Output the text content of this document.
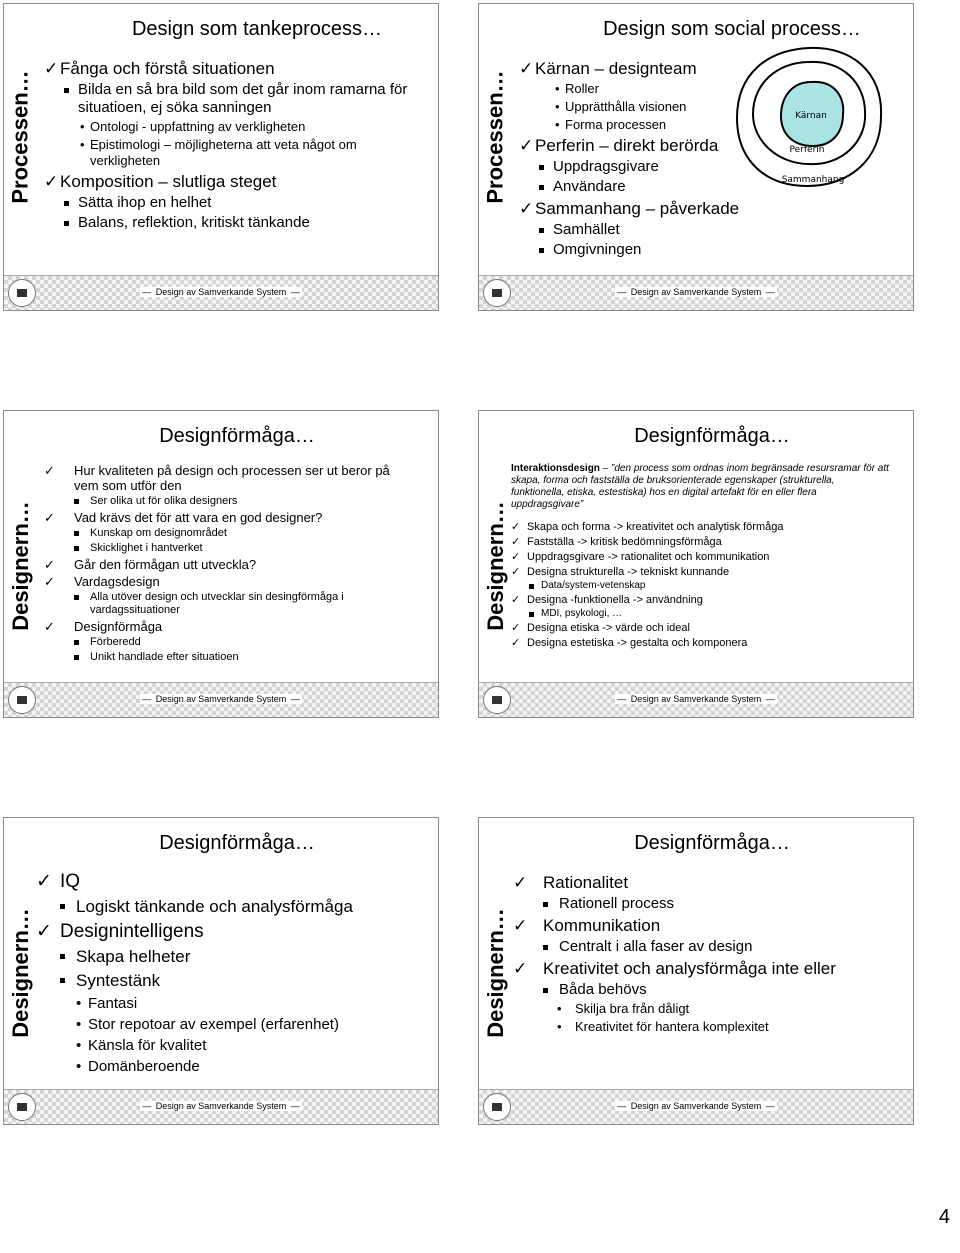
Processen…
Design som tankeprocess…
✓ Fånga och förstå situationen
Bilda en så bra bild som det går inom ramarna för situatioen, ej söka sanningen
• Ontologi - uppfattning av verkligheten
• Epistimologi – möjligheterna att veta något om verkligheten
✓ Komposition – slutliga steget
Sätta ihop en helhet
Balans, reflektion, kritiskt tänkande
— Design av Samverkande System —
Processen…
Design som social process…
✓ Kärnan – designteam
• Roller
• Upprätthålla visionen
• Forma processen
✓ Perferin – direkt berörda
Uppdragsgivare
Användare
✓ Sammanhang – påverkade
Samhället
Omgivningen
Kärnan
Perferin
Sammanhang
— Design av Samverkande System —
Designern…
Designförmåga…
✓ Hur kvaliteten på design och processen ser ut beror på vem som utför den
Ser olika ut för olika designers
✓ Vad krävs det för att vara en god designer?
Kunskap om designområdet
Skicklighet i hantverket
✓ Går den förmågan utt utveckla?
✓ Vardagsdesign
Alla utöver design och utvecklar sin desingförmåga i vardagssituationer
✓ Designförmåga
Förberedd
Unikt handlade efter situatioen
— Design av Samverkande System —
Designern…
Designförmåga…

Interaktionsdesign – ”den process som ordnas inom begränsade resursramar för att skapa, forma och fastställa de bruksorienterade egenskaper (strukturella, funktionella, etiska, estestiska) hos en digital artefakt för en eller flera uppdragsgivare”

✓ Skapa och forma -> kreativitet och analytisk förmåga
✓ Fastställa -> kritisk bedömningsförmåga
✓ Uppdragsgivare -> rationalitet och kommunikation
✓ Designa strukturella -> tekniskt kunnande
Data/system-vetenskap
✓ Designa -funktionella -> användning
MDI, psykologi, …
✓ Designa etiska -> värde och ideal
✓ Designa estetiska -> gestalta och komponera
— Design av Samverkande System —
Designern…
Designförmåga…
✓ IQ
Logiskt tänkande och analysförmåga
✓ Designintelligens
Skapa helheter
Syntestänk
• Fantasi
• Stor repotoar av exempel (erfarenhet)
• Känsla för kvalitet
• Domänberoende
— Design av Samverkande System —
Designern…
Designförmåga…
✓ Rationalitet
Rationell process
✓ Kommunikation
Centralt i alla faser av design
✓ Kreativitet och analysförmåga inte eller
Båda behövs
• Skilja bra från dåligt
• Kreativitet för hantera komplexitet
— Design av Samverkande System —
4
